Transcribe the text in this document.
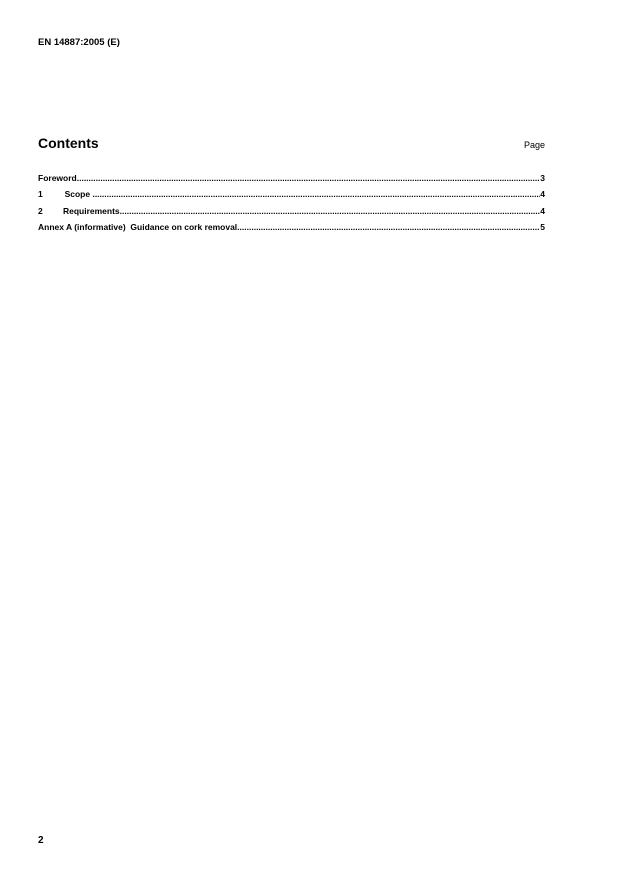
EN 14887:2005 (E)
Contents	Page
Foreword .....	3
1	Scope .....	4
2	Requirements .....	4
Annex A (informative)  Guidance on cork removal .....	5
2
